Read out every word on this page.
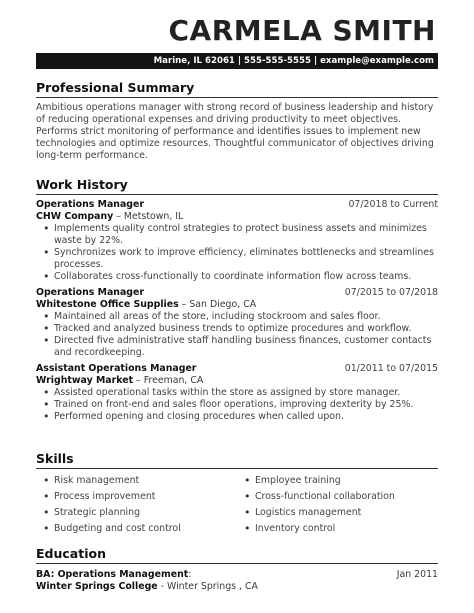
CARMELA SMITH
Marine, IL 62061 | 555-555-5555 | example@example.com
Professional Summary
Ambitious operations manager with strong record of business leadership and history of reducing operational expenses and driving productivity to meet objectives. Performs strict monitoring of performance and identifies issues to implement new technologies and optimize resources. Thoughtful communicator of objectives driving long-term performance.
Work History
Operations Manager	07/2018 to Current
CHW Company – Metstown, IL
• Implements quality control strategies to protect business assets and minimizes waste by 22%.
• Synchronizes work to improve efficiency, eliminates bottlenecks and streamlines processes.
• Collaborates cross-functionally to coordinate information flow across teams.
Operations Manager	07/2015 to 07/2018
Whitestone Office Supplies – San Diego, CA
• Maintained all areas of the store, including stockroom and sales floor.
• Tracked and analyzed business trends to optimize procedures and workflow.
• Directed five administrative staff handling business finances, customer contacts and recordkeeping.
Assistant Operations Manager	01/2011 to 07/2015
Wrightway Market – Freeman, CA
• Assisted operational tasks within the store as assigned by store manager.
• Trained on front-end and sales floor operations, improving dexterity by 25%.
• Performed opening and closing procedures when called upon.
Skills
• Risk management
• Process improvement
• Strategic planning
• Budgeting and cost control
• Employee training
• Cross-functional collaboration
• Logistics management
• Inventory control
Education
BA: Operations Management:	Jan 2011
Winter Springs College - Winter Springs , CA
